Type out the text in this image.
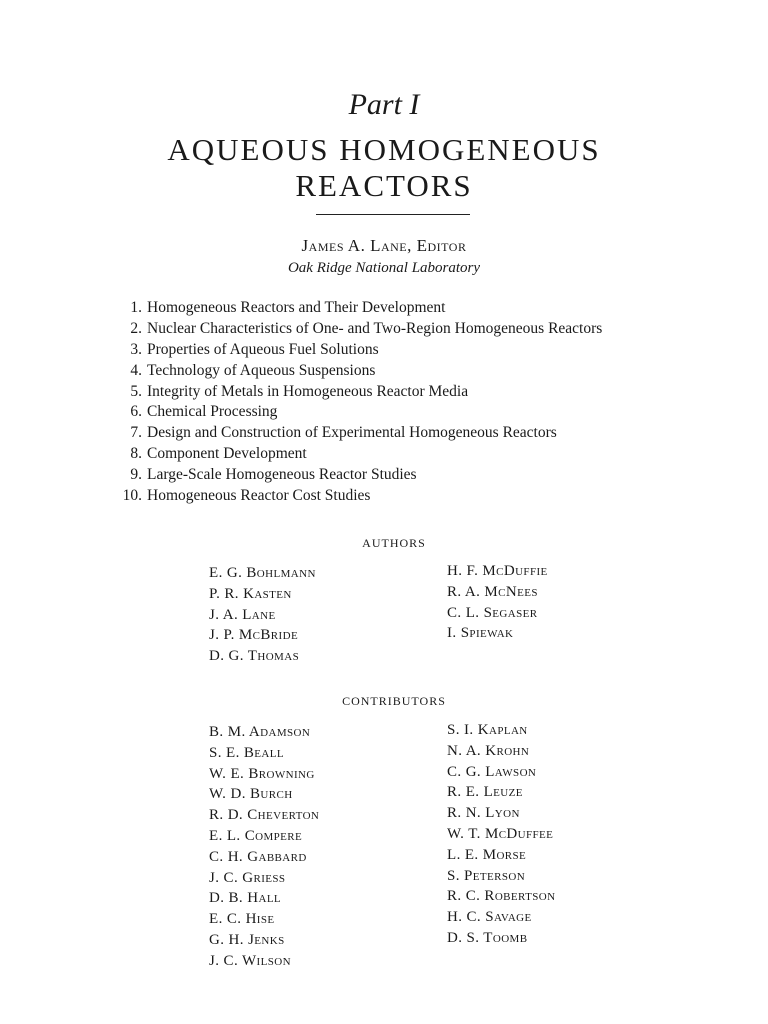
Part I
AQUEOUS HOMOGENEOUS
REACTORS
James A. Lane, Editor
Oak Ridge National Laboratory
1. Homogeneous Reactors and Their Development
2. Nuclear Characteristics of One- and Two-Region Homogeneous Reactors
3. Properties of Aqueous Fuel Solutions
4. Technology of Aqueous Suspensions
5. Integrity of Metals in Homogeneous Reactor Media
6. Chemical Processing
7. Design and Construction of Experimental Homogeneous Reactors
8. Component Development
9. Large-Scale Homogeneous Reactor Studies
10. Homogeneous Reactor Cost Studies
AUTHORS
E. G. Bohlmann
P. R. Kasten
J. A. Lane
J. P. McBride
D. G. Thomas
H. F. McDuffie
R. A. McNees
C. L. Segaser
I. Spiewak
CONTRIBUTORS
B. M. Adamson
S. E. Beall
W. E. Browning
W. D. Burch
R. D. Cheverton
E. L. Compere
C. H. Gabbard
J. C. Griess
D. B. Hall
E. C. Hise
G. H. Jenks
J. C. Wilson
S. I. Kaplan
N. A. Krohn
C. G. Lawson
R. E. Leuze
R. N. Lyon
W. T. McDuffee
L. E. Morse
S. Peterson
R. C. Robertson
H. C. Savage
D. S. Toomb
